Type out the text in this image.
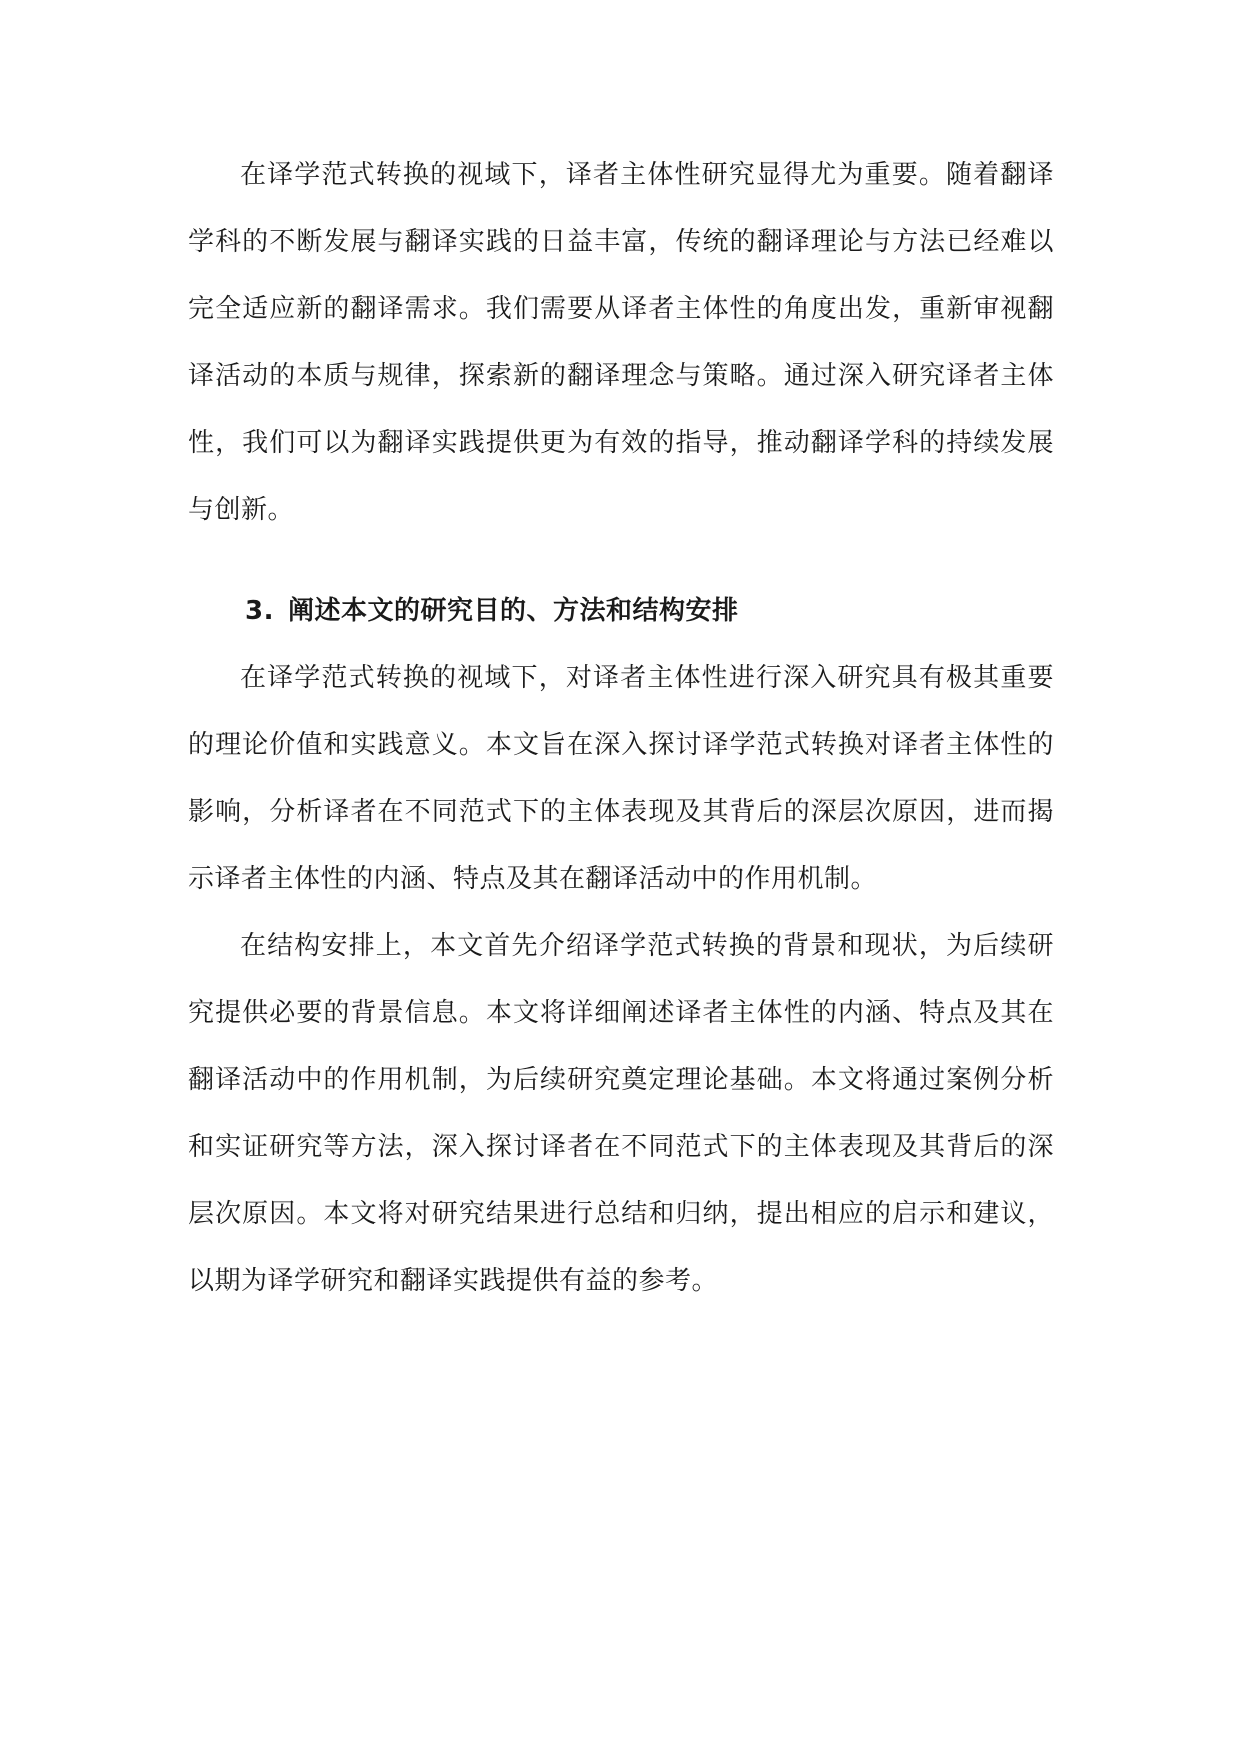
在译学范式转换的视域下，译者主体性研究显得尤为重要。随着翻译学科的不断发展与翻译实践的日益丰富，传统的翻译理论与方法已经难以完全适应新的翻译需求。我们需要从译者主体性的角度出发，重新审视翻译活动的本质与规律，探索新的翻译理念与策略。通过深入研究译者主体性，我们可以为翻译实践提供更为有效的指导，推动翻译学科的持续发展与创新。

3. 阐述本文的研究目的、方法和结构安排

在译学范式转换的视域下，对译者主体性进行深入研究具有极其重要的理论价值和实践意义。本文旨在深入探讨译学范式转换对译者主体性的影响，分析译者在不同范式下的主体表现及其背后的深层次原因，进而揭示译者主体性的内涵、特点及其在翻译活动中的作用机制。

在结构安排上，本文首先介绍译学范式转换的背景和现状，为后续研究提供必要的背景信息。本文将详细阐述译者主体性的内涵、特点及其在翻译活动中的作用机制，为后续研究奠定理论基础。本文将通过案例分析和实证研究等方法，深入探讨译者在不同范式下的主体表现及其背后的深层次原因。本文将对研究结果进行总结和归纳，提出相应的启示和建议，以期为译学研究和翻译实践提供有益的参考。
